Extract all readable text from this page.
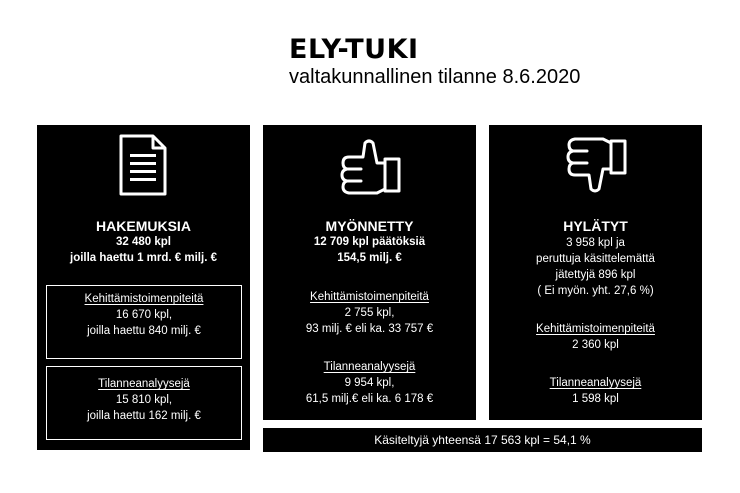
ELY-TUKI
valtakunnallinen tilanne 8.6.2020
HAKEMUKSIA
32 480 kpl
joilla haettu 1 mrd. € milj. €
Kehittämistoimenpiteitä
16 670 kpl,
joilla haettu 840 milj. €
Tilanneanalyysejä
15 810 kpl,
joilla haettu 162 milj. €
MYÖNNETTY
12 709 kpl päätöksiä
154,5 milj. €
Kehittämistoimenpiteitä
2 755 kpl,
93 milj. € eli ka. 33 757 €
Tilanneanalyysejä
9 954 kpl,
61,5 milj.€ eli ka. 6 178 €
HYLÄTYT
3 958 kpl ja
peruttuja käsittelemättä
jätettyjä 896 kpl
( Ei myön. yht. 27,6 %)
Kehittämistoimenpiteitä
2 360 kpl
Tilanneanalyysejä
1 598 kpl
Käsiteltyjä yhteensä 17 563 kpl = 54,1 %
